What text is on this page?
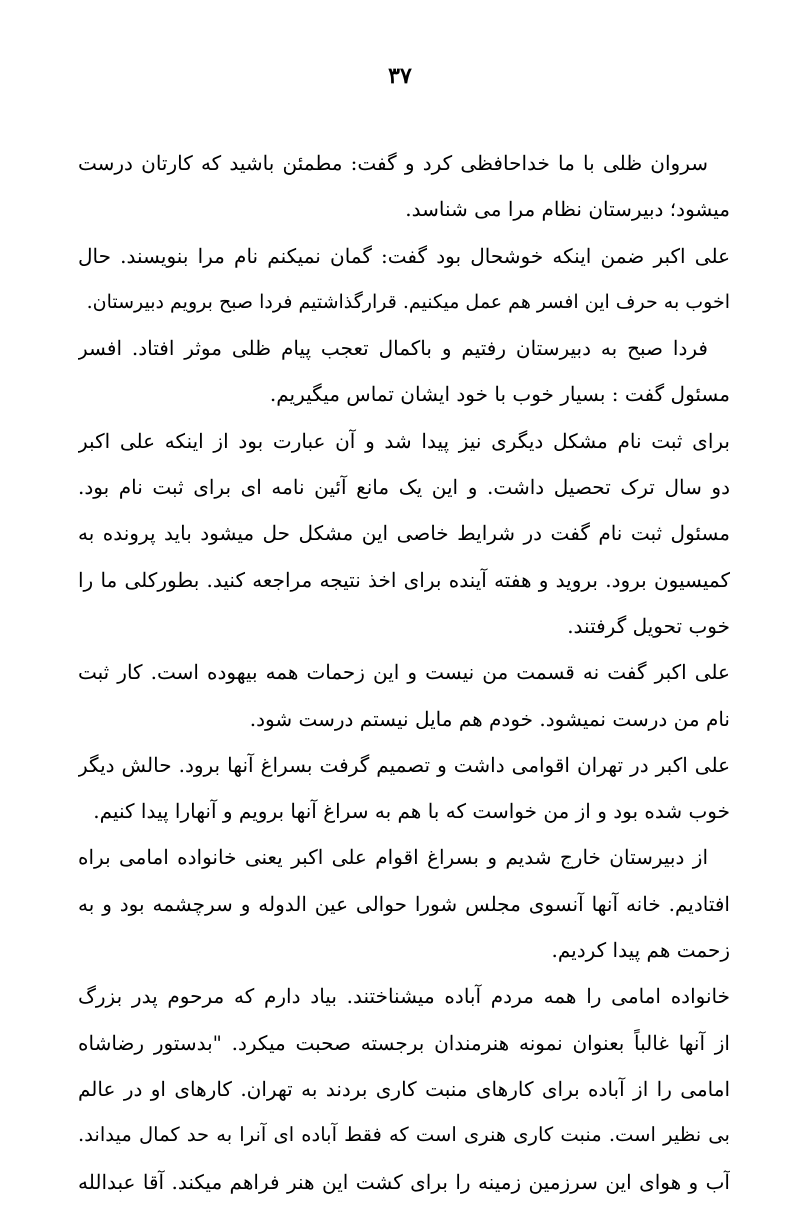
۳۷
سروان ظلی با ما خداحافظی کرد و گفت: مطمئن باشید که کارتان درست
میشود؛ دبیرستان نظام مرا می شناسد.
علی اکبر ضمن اینکه خوشحال بود گفت: گمان نمیکنم نام مرا بنویسند. حال
اخوب به حرف این افسر هم عمل میکنیم. قرارگذاشتیم فردا صبح برویم دبیرستان.
فردا صبح به دبیرستان رفتیم و باکمال تعجب پیام ظلی موثر افتاد. افسر
مسئول گفت : بسیار خوب با خود ایشان تماس میگیریم.
برای ثبت نام مشکل دیگری نیز پیدا شد و آن عبارت بود از اینکه علی اکبر
دو سال ترک تحصیل داشت. و این یک مانع آئین نامه ای برای ثبت نام بود.
مسئول ثبت نام گفت در شرایط خاصی این مشکل حل میشود باید پرونده به
کمیسیون برود. بروید و هفته آینده برای اخذ نتیجه مراجعه کنید. بطورکلی ما را
خوب تحویل گرفتند.
علی اکبر گفت نه قسمت من نیست و این زحمات همه بیهوده است. کار ثبت
نام من درست نمیشود. خودم هم مایل نیستم درست شود.
علی اکبر در تهران اقوامی داشت و تصمیم گرفت بسراغ آنها برود. حالش دیگر
خوب شده بود و از من خواست که با هم به سراغ آنها برویم و آنهارا پیدا کنیم.
از دبیرستان خارج شدیم و بسراغ اقوام علی اکبر یعنی خانواده امامی براه
افتادیم. خانه آنها آنسوی مجلس شورا حوالی عین الدوله و سرچشمه بود و به
زحمت هم پیدا کردیم.
خانواده امامی را همه مردم آباده میشناختند. بیاد دارم که مرحوم پدر بزرگ
از آنها غالباً بعنوان نمونه هنرمندان برجسته صحبت میکرد. "بدستور رضاشاه
امامی را از آباده برای کارهای منبت کاری بردند به تهران. کارهای او در عالم
بی نظیر است. منبت کاری هنری است که فقط آباده ای آنرا به حد کمال میداند.
آب و هوای این سرزمین زمینه را برای کشت این هنر فراهم میکند. آقا عبدالله
